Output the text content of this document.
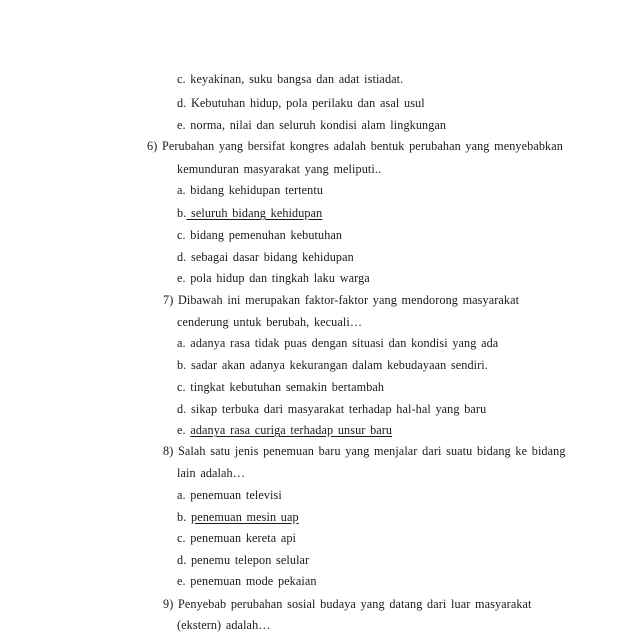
c. keyakinan, suku bangsa dan adat istiadat.
d. Kebutuhan hidup, pola perilaku dan asal usul
e. norma, nilai dan seluruh kondisi alam lingkungan
6) Perubahan yang bersifat kongres adalah bentuk perubahan yang menyebabkan
kemunduran masyarakat yang meliputi..
a. bidang kehidupan tertentu
b. seluruh bidang kehidupan
c. bidang pemenuhan kebutuhan
d. sebagai dasar bidang kehidupan
e. pola hidup dan tingkah laku warga
7) Dibawah ini merupakan faktor-faktor yang mendorong masyarakat
cenderung untuk berubah, kecuali…
a. adanya rasa tidak puas dengan situasi dan kondisi yang ada
b. sadar akan adanya kekurangan dalam kebudayaan sendiri.
c. tingkat kebutuhan semakin bertambah
d. sikap terbuka dari masyarakat terhadap hal-hal yang baru
e. adanya rasa curiga terhadap unsur baru
8) Salah satu jenis penemuan baru yang menjalar dari suatu bidang ke bidang
lain adalah…
a. penemuan televisi
b. penemuan mesin uap
c. penemuan kereta api
d. penemu telepon selular
e. penemuan mode pekaian
9) Penyebab perubahan sosial budaya yang datang dari luar masyarakat
(ekstern) adalah…
